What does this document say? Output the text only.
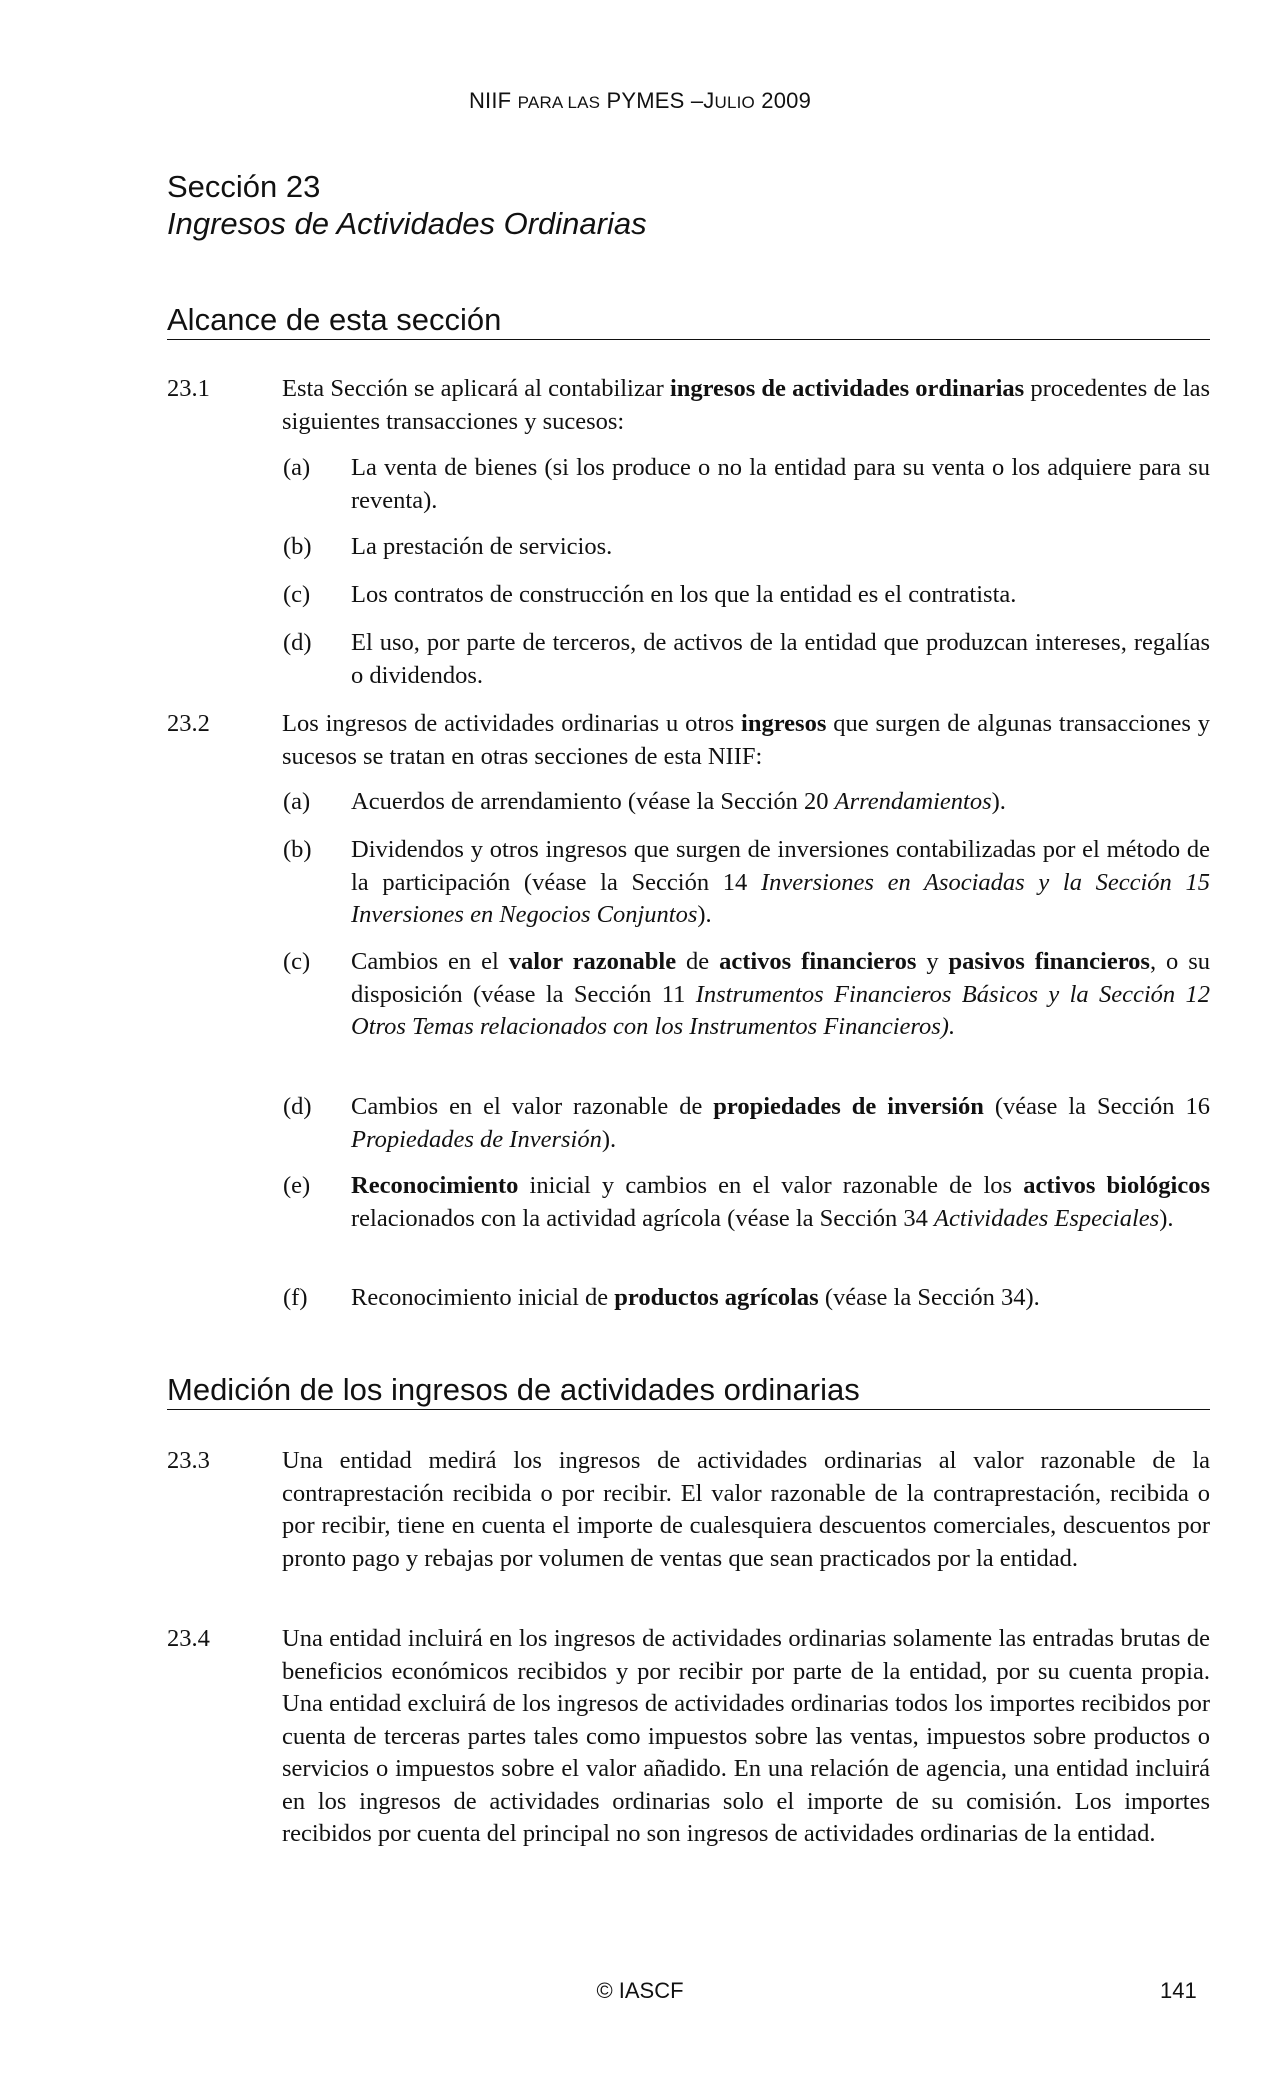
NIIF PARA LAS PYMES –JULIO 2009
Sección 23
Ingresos de Actividades Ordinarias
Alcance de esta sección
23.1	Esta Sección se aplicará al contabilizar ingresos de actividades ordinarias procedentes de las siguientes transacciones y sucesos:
(a) La venta de bienes (si los produce o no la entidad para su venta o los adquiere para su reventa).
(b) La prestación de servicios.
(c) Los contratos de construcción en los que la entidad es el contratista.
(d) El uso, por parte de terceros, de activos de la entidad que produzcan intereses, regalías o dividendos.
23.2	Los ingresos de actividades ordinarias u otros ingresos que surgen de algunas transacciones y sucesos se tratan en otras secciones de esta NIIF:
(a) Acuerdos de arrendamiento (véase la Sección 20 Arrendamientos).
(b) Dividendos y otros ingresos que surgen de inversiones contabilizadas por el método de la participación (véase la Sección 14 Inversiones en Asociadas y la Sección 15 Inversiones en Negocios Conjuntos).
(c) Cambios en el valor razonable de activos financieros y pasivos financieros, o su disposición (véase la Sección 11 Instrumentos Financieros Básicos y la Sección 12 Otros Temas relacionados con los Instrumentos Financieros).
(d) Cambios en el valor razonable de propiedades de inversión (véase la Sección 16 Propiedades de Inversión).
(e) Reconocimiento inicial y cambios en el valor razonable de los activos biológicos relacionados con la actividad agrícola (véase la Sección 34 Actividades Especiales).
(f) Reconocimiento inicial de productos agrícolas (véase la Sección 34).
Medición de los ingresos de actividades ordinarias
23.3	Una entidad medirá los ingresos de actividades ordinarias al valor razonable de la contraprestación recibida o por recibir. El valor razonable de la contraprestación, recibida o por recibir, tiene en cuenta el importe de cualesquiera descuentos comerciales, descuentos por pronto pago y rebajas por volumen de ventas que sean practicados por la entidad.
23.4	Una entidad incluirá en los ingresos de actividades ordinarias solamente las entradas brutas de beneficios económicos recibidos y por recibir por parte de la entidad, por su cuenta propia. Una entidad excluirá de los ingresos de actividades ordinarias todos los importes recibidos por cuenta de terceras partes tales como impuestos sobre las ventas, impuestos sobre productos o servicios o impuestos sobre el valor añadido. En una relación de agencia, una entidad incluirá en los ingresos de actividades ordinarias solo el importe de su comisión. Los importes recibidos por cuenta del principal no son ingresos de actividades ordinarias de la entidad.
© IASCF	141
